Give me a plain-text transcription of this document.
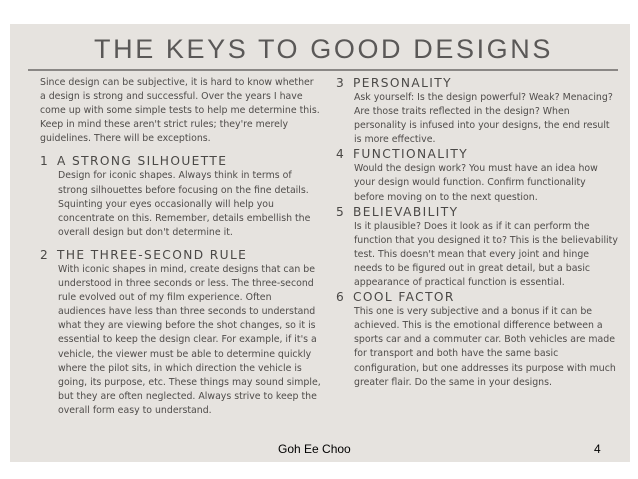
THE KEYS TO GOOD DESIGNS

Since design can be subjective, it is hard to know whether a design is strong and successful. Over the years I have come up with some simple tests to help me determine this. Keep in mind these aren't strict rules; they're merely guidelines. There will be exceptions.

1 A STRONG SILHOUETTE

Design for iconic shapes. Always think in terms of strong silhouettes before focusing on the fine details. Squinting your eyes occasionally will help you concentrate on this. Remember, details embellish the overall design but don't determine it.

2 THE THREE-SECOND RULE

With iconic shapes in mind, create designs that can be understood in three seconds or less. The three-second rule evolved out of my film experience. Often audiences have less than three seconds to understand what they are viewing before the shot changes, so it is essential to keep the design clear. For example, if it's a vehicle, the viewer must be able to determine quickly where the pilot sits, in which direction the vehicle is going, its purpose, etc. These things may sound simple, but they are often neglected. Always strive to keep the overall form easy to understand.

3 PERSONALITY

Ask yourself: Is the design powerful? Weak? Menacing? Are those traits reflected in the design? When personality is infused into your designs, the end result is more effective.

4 FUNCTIONALITY

Would the design work? You must have an idea how your design would function. Confirm functionality before moving on to the next question.

5 BELIEVABILITY

Is it plausible? Does it look as if it can perform the function that you designed it to? This is the believability test. This doesn't mean that every joint and hinge needs to be figured out in great detail, but a basic appearance of practical function is essential.

6 COOL FACTOR

This one is very subjective and a bonus if it can be achieved. This is the emotional difference between a sports car and a commuter car. Both vehicles are made for transport and both have the same basic configuration, but one addresses its purpose with much greater flair. Do the same in your designs.

Goh Ee Choo	4
